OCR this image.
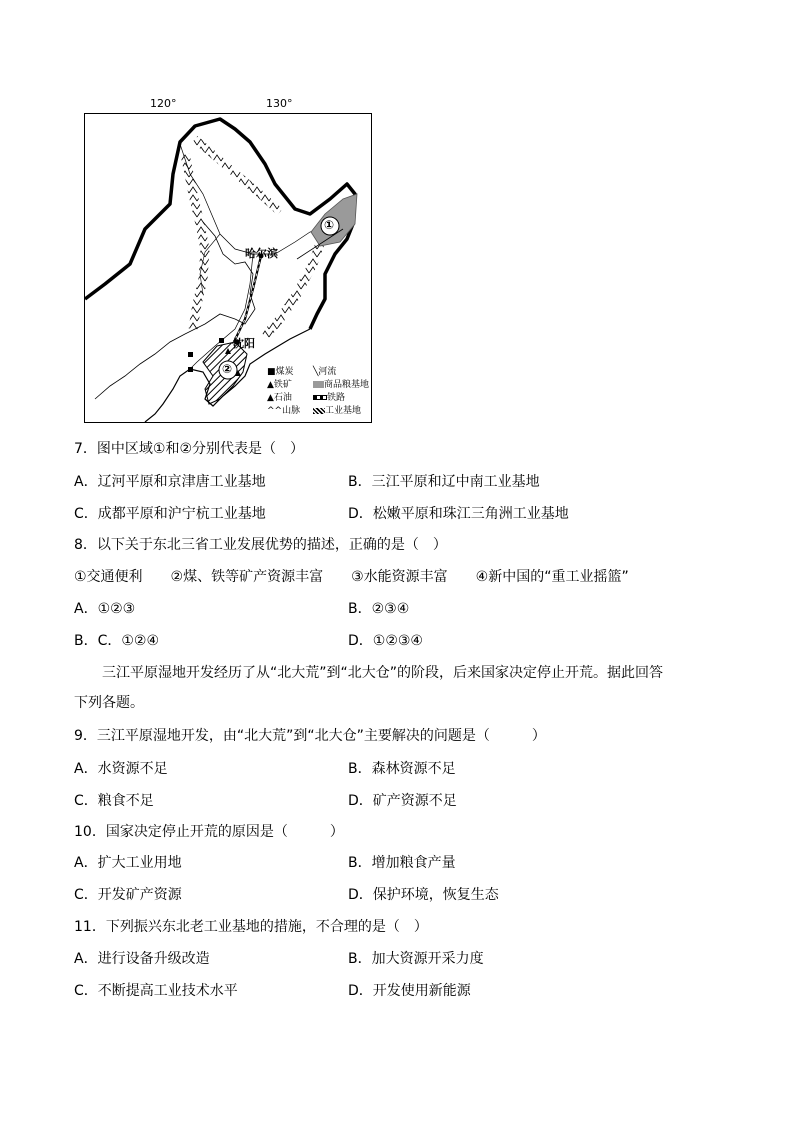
120°	130°
哈尔滨
沈阳
①
②	■煤炭 ╲河流
▲铁矿	商品粮基地
▲石油	铁路
^^山脉	工业基地
7．图中区域①和②分别代表是（　）
A．辽河平原和京津唐工业基地	B．三江平原和辽中南工业基地
C．成都平原和沪宁杭工业基地	D．松嫩平原和珠江三角洲工业基地
8．以下关于东北三省工业发展优势的描述，正确的是（　）
①交通便利　　②煤、铁等矿产资源丰富　　③水能资源丰富　　④新中国的“重工业摇篮”
A．①②③	B．②③④
B．C．①②④	D．①②③④
三江平原湿地开发经历了从“北大荒”到“北大仓”的阶段，后来国家决定停止开荒。据此回答
下列各题。
9．三江平原湿地开发，由“北大荒”到“北大仓”主要解决的问题是（　　　）
A．水资源不足	B．森林资源不足
C．粮食不足	D．矿产资源不足
10．国家决定停止开荒的原因是（　　　）
A．扩大工业用地	B．增加粮食产量
C．开发矿产资源	D．保护环境，恢复生态
11．下列振兴东北老工业基地的措施，不合理的是（　）
A．进行设备升级改造	B．加大资源开采力度
C．不断提高工业技术水平	D．开发使用新能源
